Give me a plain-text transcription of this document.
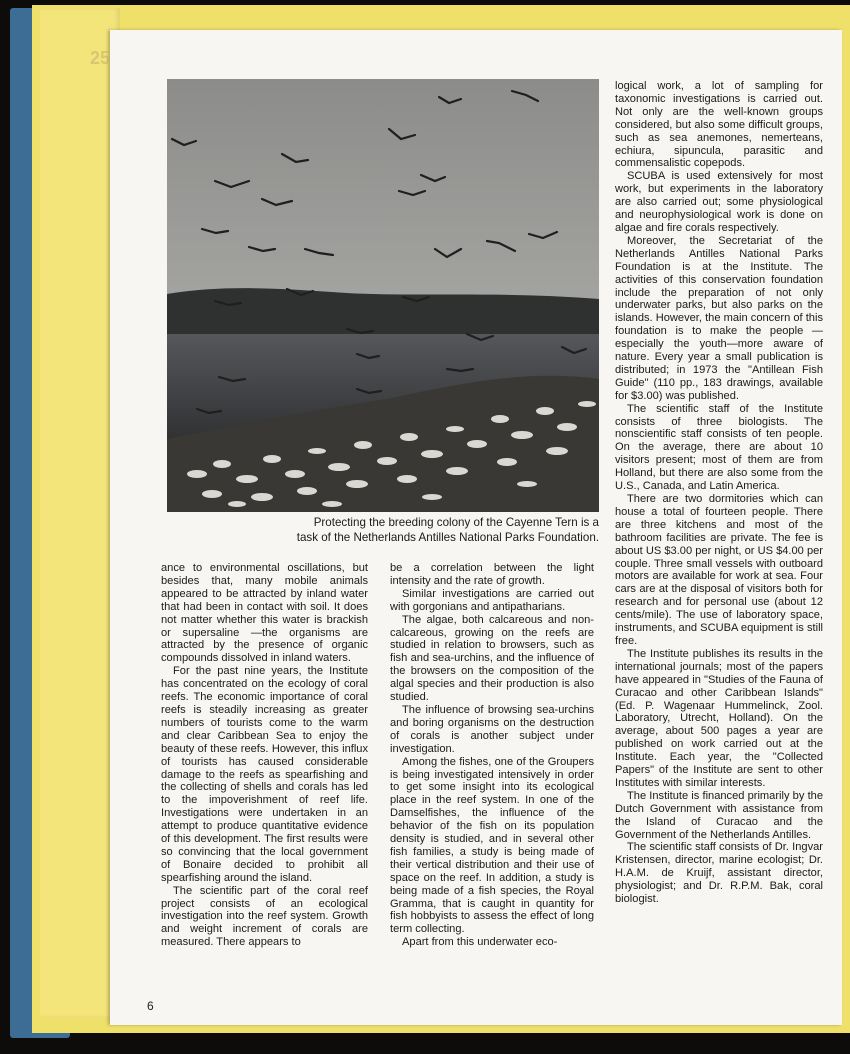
25
Protecting the breeding colony of the Cayenne Tern is a
task of the Netherlands Antilles National Parks Foundation.

ance to environmental oscillations, but besides that, many mobile animals appeared to be attracted by inland water that had been in contact with soil. It does not matter whether this water is brackish or supersaline —the organisms are attracted by the presence of organic compounds dissolved in inland waters.

For the past nine years, the Institute has concentrated on the ecology of coral reefs. The economic importance of coral reefs is steadily increasing as greater numbers of tourists come to the warm and clear Caribbean Sea to enjoy the beauty of these reefs. However, this influx of tourists has caused considerable damage to the reefs as spearfishing and the collecting of shells and corals has led to the impoverishment of reef life. Investigations were undertaken in an attempt to produce quantitative evidence of this development. The first results were so convincing that the local government of Bonaire decided to prohibit all spearfishing around the island.

The scientific part of the coral reef project consists of an ecological investigation into the reef system. Growth and weight increment of corals are measured. There appears to

be a correlation between the light intensity and the rate of growth.

Similar investigations are carried out with gorgonians and antipatharians.

The algae, both calcareous and non-calcareous, growing on the reefs are studied in relation to browsers, such as fish and sea-urchins, and the influence of the browsers on the composition of the algal species and their production is also studied.

The influence of browsing sea-urchins and boring organisms on the destruction of corals is another subject under investigation.

Among the fishes, one of the Groupers is being investigated intensively in order to get some insight into its ecological place in the reef system. In one of the Damselfishes, the influence of the behavior of the fish on its population density is studied, and in several other fish families, a study is being made of their vertical distribution and their use of space on the reef. In addition, a study is being made of a fish species, the Royal Gramma, that is caught in quantity for fish hobbyists to assess the effect of long term collecting.

Apart from this underwater eco-

logical work, a lot of sampling for taxonomic investigations is carried out. Not only are the well-known groups considered, but also some difficult groups, such as sea anemones, nemerteans, echiura, sipuncula, parasitic and commensalistic copepods.

SCUBA is used extensively for most work, but experiments in the laboratory are also carried out; some physiological and neurophysiological work is done on algae and fire corals respectively.

Moreover, the Secretariat of the Netherlands Antilles National Parks Foundation is at the Institute. The activities of this conservation foundation include the preparation of not only underwater parks, but also parks on the islands. However, the main concern of this foundation is to make the people — especially the youth—more aware of nature. Every year a small publication is distributed; in 1973 the "Antillean Fish Guide" (110 pp., 183 drawings, available for $3.00) was published.

The scientific staff of the Institute consists of three biologists. The nonscientific staff consists of ten people. On the average, there are about 10 visitors present; most of them are from Holland, but there are also some from the U.S., Canada, and Latin America.

There are two dormitories which can house a total of fourteen people. There are three kitchens and most of the bathroom facilities are private. The fee is about US $3.00 per night, or US $4.00 per couple. Three small vessels with outboard motors are available for work at sea. Four cars are at the disposal of visitors both for research and for personal use (about 12 cents/mile). The use of laboratory space, instruments, and SCUBA equipment is still free.

The Institute publishes its results in the international journals; most of the papers have appeared in "Studies of the Fauna of Curacao and other Caribbean Islands" (Ed. P. Wagenaar Hummelinck, Zool. Laboratory, Utrecht, Holland). On the average, about 500 pages a year are published on work carried out at the Institute. Each year, the "Collected Papers" of the Institute are sent to other Institutes with similar interests.

The Institute is financed primarily by the Dutch Government with assistance from the Island of Curacao and the Government of the Netherlands Antilles.

The scientific staff consists of Dr. Ingvar Kristensen, director, marine ecologist; Dr. H.A.M. de Kruijf, assistant director, physiologist; and Dr. R.P.M. Bak, coral biologist.

6
